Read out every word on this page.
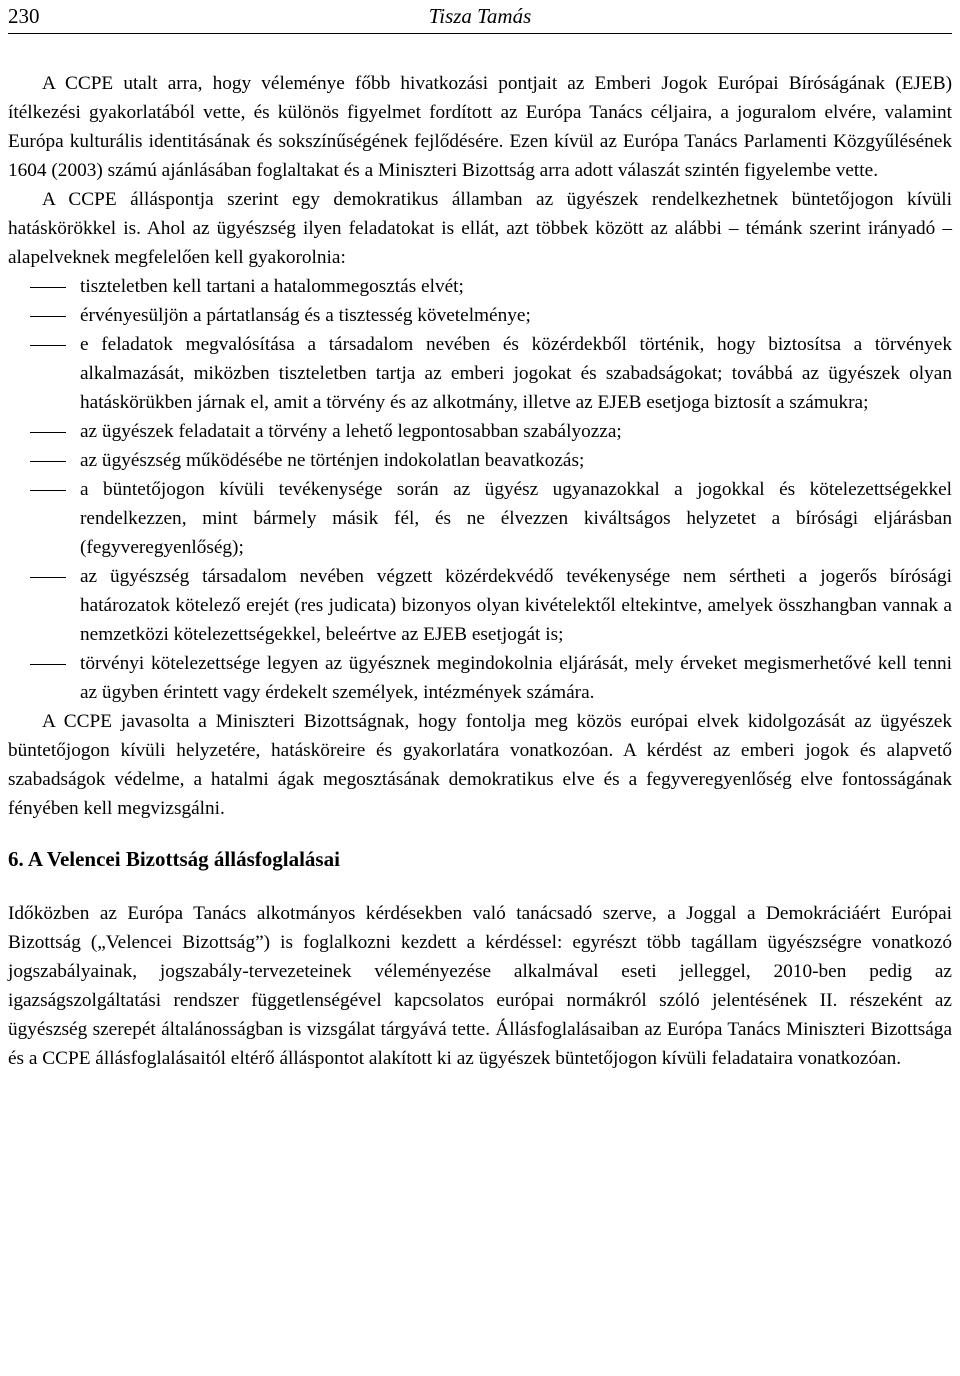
230	Tisza Tamás

A CCPE utalt arra, hogy véleménye főbb hivatkozási pontjait az Emberi Jogok Európai Bíróságának (EJEB) ítélkezési gyakorlatából vette, és különös figyelmet fordított az Európa Tanács céljaira, a joguralom elvére, valamint Európa kulturális identitásának és sokszínűségének fejlődésére. Ezen kívül az Európa Tanács Parlamenti Közgyűlésének 1604 (2003) számú ajánlásában foglaltakat és a Miniszteri Bizottság arra adott válaszát szintén figyelembe vette.

A CCPE álláspontja szerint egy demokratikus államban az ügyészek rendelkezhetnek büntetőjogon kívüli hatáskörökkel is. Ahol az ügyészség ilyen feladatokat is ellát, azt többek között az alábbi – témánk szerint irányadó – alapelveknek megfelelően kell gyakorolnia:

tiszteletben kell tartani a hatalommegosztás elvét;
érvényesüljön a pártatlanság és a tisztesség követelménye;
e feladatok megvalósítása a társadalom nevében és közérdekből történik, hogy biztosítsa a törvények alkalmazását, miközben tiszteletben tartja az emberi jogokat és szabadságokat; továbbá az ügyészek olyan hatáskörükben járnak el, amit a törvény és az alkotmány, illetve az EJEB esetjoga biztosít a számukra;
az ügyészek feladatait a törvény a lehető legpontosabban szabályozza;
az ügyészség működésébe ne történjen indokolatlan beavatkozás;
a büntetőjogon kívüli tevékenysége során az ügyész ugyanazokkal a jogokkal és kötelezettségekkel rendelkezzen, mint bármely másik fél, és ne élvezzen kiváltságos helyzetet a bírósági eljárásban (fegyveregyenlőség);
az ügyészség társadalom nevében végzett közérdekvédő tevékenysége nem sértheti a jogerős bírósági határozatok kötelező erejét (res judicata) bizonyos olyan kivételektől eltekintve, amelyek összhangban vannak a nemzetközi kötelezettségekkel, beleértve az EJEB esetjogát is;
törvényi kötelezettsége legyen az ügyésznek megindokolnia eljárását, mely érveket megismerhetővé kell tenni az ügyben érintett vagy érdekelt személyek, intézmények számára.

A CCPE javasolta a Miniszteri Bizottságnak, hogy fontolja meg közös európai elvek kidolgozását az ügyészek büntetőjogon kívüli helyzetére, hatásköreire és gyakorlatára vonatkozóan. A kérdést az emberi jogok és alapvető szabadságok védelme, a hatalmi ágak megosztásának demokratikus elve és a fegyveregyenlőség elve fontosságának fényében kell megvizsgálni.

6. A Velencei Bizottság állásfoglalásai

Időközben az Európa Tanács alkotmányos kérdésekben való tanácsadó szerve, a Joggal a Demokráciáért Európai Bizottság („Velencei Bizottság”) is foglalkozni kezdett a kérdéssel: egyrészt több tagállam ügyészségre vonatkozó jogszabályainak, jogszabály-tervezeteinek véleményezése alkalmával eseti jelleggel, 2010-ben pedig az igazságszolgáltatási rendszer függetlenségével kapcsolatos európai normákról szóló jelentésének II. részeként az ügyészség szerepét általánosságban is vizsgálat tárgyává tette. Állásfoglalásaiban az Európa Tanács Miniszteri Bizottsága és a CCPE állásfoglalásaitól eltérő álláspontot alakított ki az ügyészek büntetőjogon kívüli feladataira vonatkozóan.
